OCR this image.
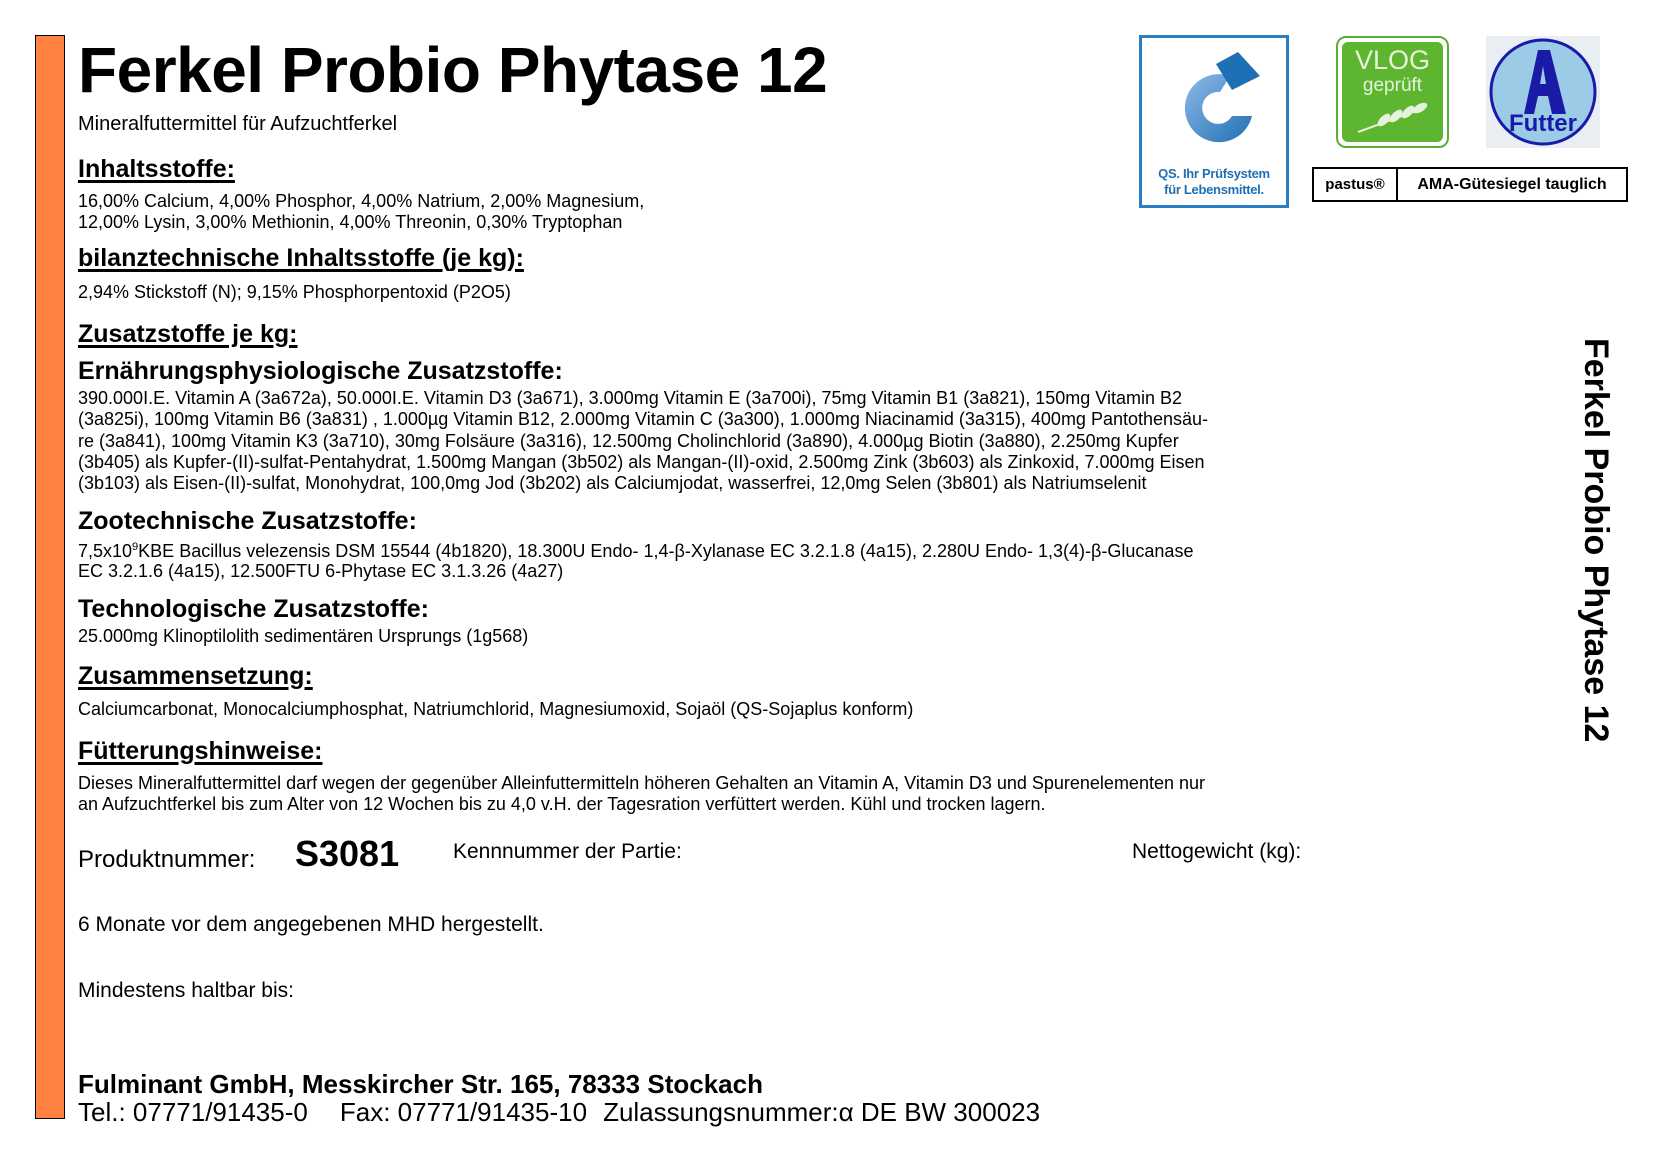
Ferkel Probio Phytase 12
Mineralfuttermittel für Aufzuchtferkel
QS. Ihr Prüfsystem
für Lebensmittel.
VLOG
geprüft
Futter
pastus®	AMA-Gütesiegel tauglich
Inhaltsstoffe:
16,00% Calcium, 4,00% Phosphor, 4,00% Natrium, 2,00% Magnesium,
12,00% Lysin, 3,00% Methionin, 4,00% Threonin, 0,30% Tryptophan
bilanztechnische Inhaltsstoffe (je kg):
2,94% Stickstoff (N); 9,15% Phosphorpentoxid (P2O5)
Zusatzstoffe je kg:
Ernährungsphysiologische Zusatzstoffe:
390.000I.E. Vitamin A (3a672a), 50.000I.E. Vitamin D3 (3a671), 3.000mg Vitamin E (3a700i), 75mg Vitamin B1 (3a821), 150mg Vitamin B2
(3a825i), 100mg Vitamin B6 (3a831) , 1.000µg Vitamin B12, 2.000mg Vitamin C (3a300), 1.000mg Niacinamid (3a315), 400mg Pantothensäu-
re (3a841), 100mg Vitamin K3 (3a710), 30mg Folsäure (3a316), 12.500mg Cholinchlorid (3a890), 4.000µg Biotin (3a880), 2.250mg Kupfer
(3b405) als Kupfer-(II)-sulfat-Pentahydrat, 1.500mg Mangan (3b502) als Mangan-(II)-oxid, 2.500mg Zink (3b603) als Zinkoxid, 7.000mg Eisen
(3b103) als Eisen-(II)-sulfat, Monohydrat, 100,0mg Jod (3b202) als Calciumjodat, wasserfrei, 12,0mg Selen (3b801) als Natriumselenit
Zootechnische Zusatzstoffe:
$7,5x10^9KBE$ Bacillus velezensis DSM 15544 (4b1820), 18.300U Endo- 1,4-β-Xylanase EC 3.2.1.8 (4a15), 2.280U Endo- 1,3(4)-β-Glucanase
EC 3.2.1.6 (4a15), 12.500FTU 6-Phytase EC 3.1.3.26 (4a27)
Technologische Zusatzstoffe:
25.000mg Klinoptilolith sedimentären Ursprungs (1g568)
Zusammensetzung:
Calciumcarbonat, Monocalciumphosphat, Natriumchlorid, Magnesiumoxid, Sojaöl (QS-Sojaplus konform)
Fütterungshinweise:
Dieses Mineralfuttermittel darf wegen der gegenüber Alleinfuttermitteln höheren Gehalten an Vitamin A, Vitamin D3 und Spurenelementen nur
an Aufzuchtferkel bis zum Alter von 12 Wochen bis zu 4,0 v.H. der Tagesration verfüttert werden. Kühl und trocken lagern.
Produktnummer: S3081	Kennnummer der Partie:	Nettogewicht (kg):
6 Monate vor dem angegebenen MHD hergestellt.
Mindestens haltbar bis:
Fulminant GmbH, Messkircher Str. 165, 78333 Stockach
Tel.: 07771/91435-0 Fax: 07771/91435-10 Zulassungsnummer:α DE BW 300023
Ferkel Probio Phytase 12
